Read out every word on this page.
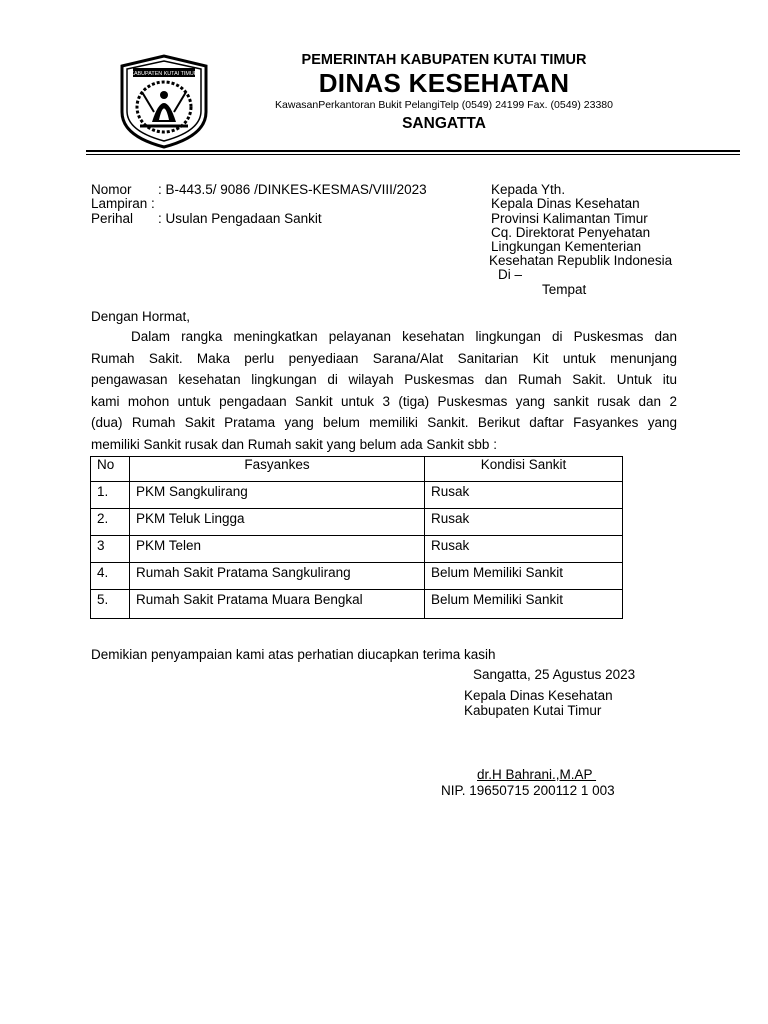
KABUPATEN KUTAI TIMUR
PEMERINTAH KABUPATEN KUTAI TIMUR
DINAS KESEHATAN
KawasanPerkantoran Bukit PelangiTelp (0549) 24199 Fax. (0549) 23380
SANGATTA
Nomor : B-443.5/ 9086 /DINKES-KESMAS/VIII/2023
Lampiran :
Perihal : Usulan Pengadaan Sankit
Kepada Yth.
Kepala Dinas Kesehatan
Provinsi Kalimantan Timur
Cq. Direktorat Penyehatan
Lingkungan Kementerian
Kesehatan Republik Indonesia
Di –
Tempat
Dengan Hormat,
Dalam rangka meningkatkan pelayanan kesehatan lingkungan di Puskesmas dan
Rumah Sakit. Maka perlu penyediaan Sarana/Alat Sanitarian Kit untuk menunjang
pengawasan kesehatan lingkungan di wilayah Puskesmas dan Rumah Sakit. Untuk itu
kami mohon untuk pengadaan Sankit untuk 3 (tiga) Puskesmas yang sankit rusak dan 2
(dua) Rumah Sakit Pratama yang belum memiliki Sankit. Berikut daftar Fasyankes yang
memiliki Sankit rusak dan Rumah sakit yang belum ada Sankit sbb :
No	Fasyankes	Kondisi Sankit
1.	PKM Sangkulirang	Rusak
2.	PKM Teluk Lingga	Rusak
3	PKM Telen	Rusak
4.	Rumah Sakit Pratama Sangkulirang	Belum Memiliki Sankit
5.	Rumah Sakit Pratama Muara Bengkal	Belum Memiliki Sankit
Demikian penyampaian kami atas perhatian diucapkan terima kasih
Sangatta, 25 Agustus 2023
Kepala Dinas Kesehatan
Kabupaten Kutai Timur
dr.H Bahrani.,M.AP
NIP. 19650715 200112 1 003
